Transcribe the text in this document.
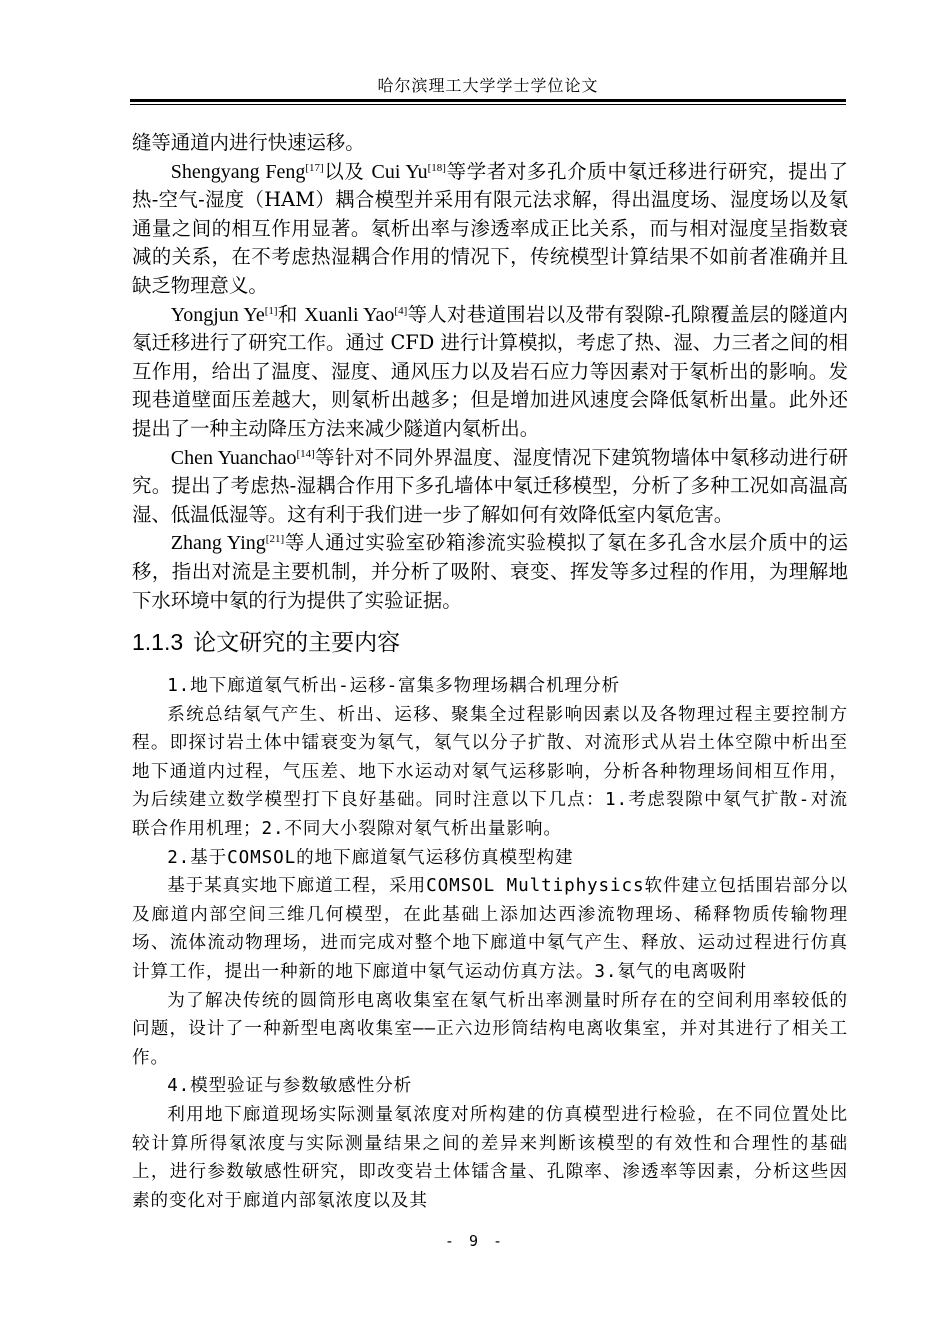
哈尔滨理工大学学士学位论文

缝等通道内进行快速运移。

Shengyang Feng[17]以及 Cui Yu[18]等学者对多孔介质中氡迁移进行研究，提出了热-空气-湿度（HAM）耦合模型并采用有限元法求解，得出温度场、湿度场以及氡通量之间的相互作用显著。氡析出率与渗透率成正比关系，而与相对湿度呈指数衰减的关系，在不考虑热湿耦合作用的情况下，传统模型计算结果不如前者准确并且缺乏物理意义。

Yongjun Ye[1]和 Xuanli Yao[4]等人对巷道围岩以及带有裂隙-孔隙覆盖层的隧道内氡迁移进行了研究工作。通过 CFD 进行计算模拟，考虑了热、湿、力三者之间的相互作用，给出了温度、湿度、通风压力以及岩石应力等因素对于氡析出的影响。发现巷道壁面压差越大，则氡析出越多；但是增加进风速度会降低氡析出量。此外还提出了一种主动降压方法来减少隧道内氡析出。

Chen Yuanchao[14]等针对不同外界温度、湿度情况下建筑物墙体中氡移动进行研究。提出了考虑热-湿耦合作用下多孔墙体中氡迁移模型，分析了多种工况如高温高湿、低温低湿等。这有利于我们进一步了解如何有效降低室内氡危害。

Zhang Ying[21]等人通过实验室砂箱渗流实验模拟了氡在多孔含水层介质中的运移，指出对流是主要机制，并分析了吸附、衰变、挥发等多过程的作用，为理解地下水环境中氡的行为提供了实验证据。

1.1.3 论文研究的主要内容

1.地下廊道氡气析出-运移-富集多物理场耦合机理分析

系统总结氡气产生、析出、运移、聚集全过程影响因素以及各物理过程主要控制方程。即探讨岩土体中镭衰变为氡气，氡气以分子扩散、对流形式从岩土体空隙中析出至地下通道内过程，气压差、地下水运动对氡气运移影响，分析各种物理场间相互作用，为后续建立数学模型打下良好基础。同时注意以下几点：1.考虑裂隙中氡气扩散-对流联合作用机理；2.不同大小裂隙对氡气析出量影响。

2.基于COMSOL的地下廊道氡气运移仿真模型构建

基于某真实地下廊道工程，采用COMSOL Multiphysics软件建立包括围岩部分以及廊道内部空间三维几何模型，在此基础上添加达西渗流物理场、稀释物质传输物理场、流体流动物理场，进而完成对整个地下廊道中氡气产生、释放、运动过程进行仿真计算工作，提出一种新的地下廊道中氡气运动仿真方法。3.氡气的电离吸附

为了解决传统的圆筒形电离收集室在氡气析出率测量时所存在的空间利用率较低的问题，设计了一种新型电离收集室——正六边形筒结构电离收集室，并对其进行了相关工作。

4.模型验证与参数敏感性分析

利用地下廊道现场实际测量氡浓度对所构建的仿真模型进行检验，在不同位置处比较计算所得氡浓度与实际测量结果之间的差异来判断该模型的有效性和合理性的基础上，进行参数敏感性研究，即改变岩土体镭含量、孔隙率、渗透率等因素，分析这些因素的变化对于廊道内部氡浓度以及其

- 9 -
